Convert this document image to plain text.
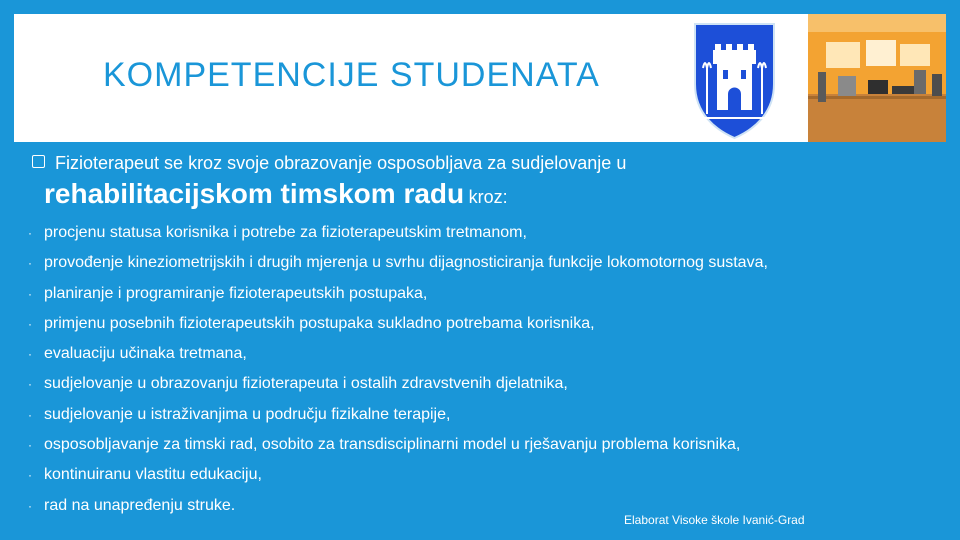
KOMPETENCIJE STUDENATA
Fizioterapeut se kroz svoje obrazovanje osposobljava za sudjelovanje u
rehabilitacijskom timskom radu kroz:
· procjenu statusa korisnika i potrebe za fizioterapeutskim tretmanom,
· provođenje kineziometrijskih i drugih mjerenja u svrhu dijagnosticiranja funkcije lokomotornog sustava,
· planiranje i programiranje fizioterapeutskih postupaka,
· primjenu posebnih fizioterapeutskih postupaka sukladno potrebama korisnika,
· evaluaciju učinaka tretmana,
· sudjelovanje u obrazovanju fizioterapeuta i ostalih zdravstvenih djelatnika,
· sudjelovanje u istraživanjima u području fizikalne terapije,
· osposobljavanje za timski rad, osobito za transdisciplinarni model u rješavanju problema korisnika,
· kontinuiranu vlastitu edukaciju,
· rad na unapređenju struke.
Elaborat Visoke škole Ivanić-Grad
